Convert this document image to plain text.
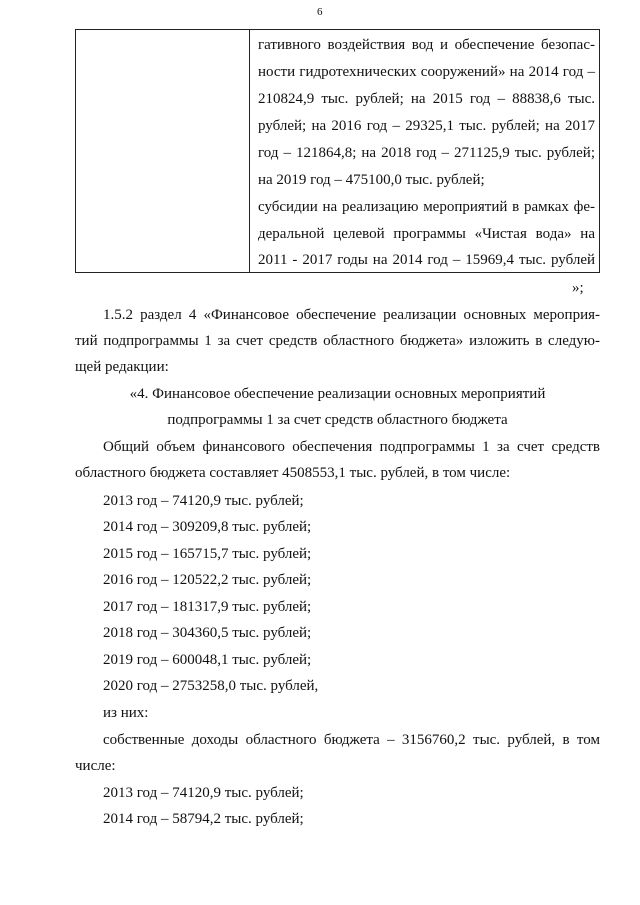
6
гативного воздействия вод и обеспечение безопас-
ности гидротехнических сооружений» на 2014 год –
210824,9 тыс. рублей; на 2015 год – 88838,6 тыс.
рублей; на 2016 год – 29325,1 тыс. рублей; на 2017
год – 121864,8; на 2018 год – 271125,9 тыс. рублей;
на 2019 год – 475100,0 тыс. рублей;
субсидии на реализацию мероприятий в рамках фе-
деральной целевой программы «Чистая вода» на
2011 - 2017 годы на 2014 год – 15969,4 тыс. рублей
»;
1.5.2 раздел 4 «Финансовое обеспечение реализации основных мероприя-
тий подпрограммы 1 за счет средств областного бюджета» изложить в следую-
щей редакции:
«4. Финансовое обеспечение реализации основных мероприятий
подпрограммы 1 за счет средств областного бюджета
Общий объем финансового обеспечения подпрограммы 1 за счет средств
областного бюджета составляет 4508553,1 тыс. рублей, в том числе:
2013 год – 74120,9 тыс. рублей;
2014 год – 309209,8 тыс. рублей;
2015 год – 165715,7 тыс. рублей;
2016 год – 120522,2 тыс. рублей;
2017 год – 181317,9 тыс. рублей;
2018 год – 304360,5 тыс. рублей;
2019 год – 600048,1 тыс. рублей;
2020 год – 2753258,0 тыс. рублей,
из них:
собственные доходы областного бюджета – 3156760,2 тыс. рублей, в том
числе:
2013 год – 74120,9 тыс. рублей;
2014 год – 58794,2 тыс. рублей;
